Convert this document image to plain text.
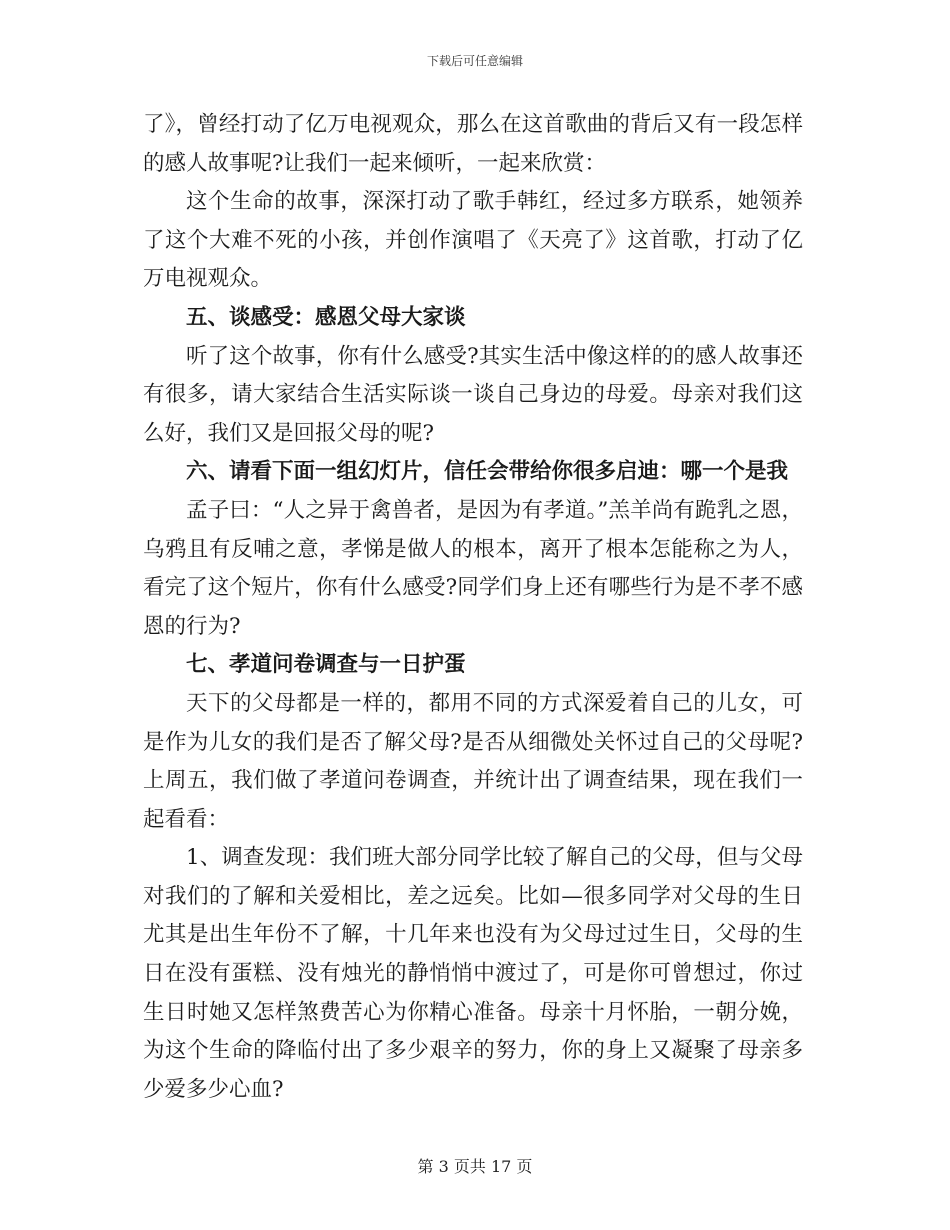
下载后可任意编辑

了》，曾经打动了亿万电视观众，那么在这首歌曲的背后又有一段怎样的感人故事呢?让我们一起来倾听，一起来欣赏：

这个生命的故事，深深打动了歌手韩红，经过多方联系，她领养了这个大难不死的小孩，并创作演唱了《天亮了》这首歌，打动了亿万电视观众。

五、谈感受：感恩父母大家谈

听了这个故事，你有什么感受?其实生活中像这样的的感人故事还有很多，请大家结合生活实际谈一谈自己身边的母爱。母亲对我们这么好，我们又是回报父母的呢?

六、请看下面一组幻灯片，信任会带给你很多启迪：哪一个是我

孟子曰：“人之异于禽兽者，是因为有孝道。”羔羊尚有跪乳之恩，乌鸦且有反哺之意，孝悌是做人的根本，离开了根本怎能称之为人，看完了这个短片，你有什么感受?同学们身上还有哪些行为是不孝不感恩的行为?

七、孝道问卷调查与一日护蛋

天下的父母都是一样的，都用不同的方式深爱着自己的儿女，可是作为儿女的我们是否了解父母?是否从细微处关怀过自己的父母呢?上周五，我们做了孝道问卷调查，并统计出了调查结果，现在我们一起看看：

1、调查发现：我们班大部分同学比较了解自己的父母，但与父母对我们的了解和关爱相比，差之远矣。比如—很多同学对父母的生日尤其是出生年份不了解，十几年来也没有为父母过过生日，父母的生日在没有蛋糕、没有烛光的静悄悄中渡过了，可是你可曾想过，你过生日时她又怎样煞费苦心为你精心准备。母亲十月怀胎，一朝分娩，为这个生命的降临付出了多少艰辛的努力，你的身上又凝聚了母亲多少爱多少心血?

第 3 页共 17 页
